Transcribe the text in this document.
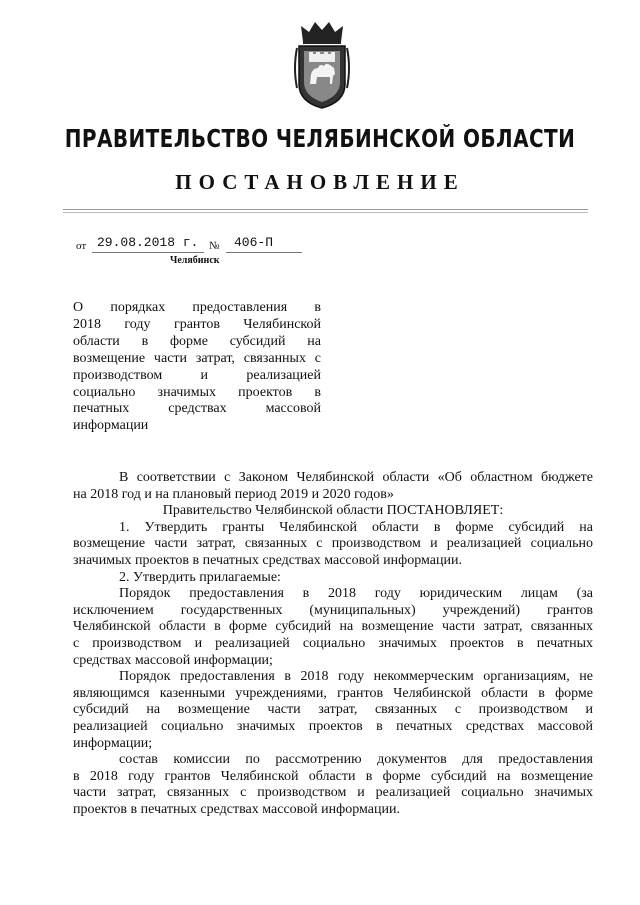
ПРАВИТЕЛЬСТВО ЧЕЛЯБИНСКОЙ ОБЛАСТИ
ПОСТАНОВЛЕНИЕ
от 29.08.2018 г. № 406-П
Челябинск
О порядках предоставления в
2018 году грантов Челябинской
области в форме субсидий на
возмещение части затрат, связанных с
производством и реализацией
социально значимых проектов в
печатных средствах массовой
информации
В соответствии с Законом Челябинской области «Об областном бюджете
на 2018 год и на плановый период 2019 и 2020 годов»
Правительство Челябинской области ПОСТАНОВЛЯЕТ:
1. Утвердить гранты Челябинской области в форме субсидий на
возмещение части затрат, связанных с производством и реализацией социально
значимых проектов в печатных средствах массовой информации.
2. Утвердить прилагаемые:
Порядок предоставления в 2018 году юридическим лицам (за
исключением государственных (муниципальных) учреждений) грантов
Челябинской области в форме субсидий на возмещение части затрат, связанных
с производством и реализацией социально значимых проектов в печатных
средствах массовой информации;
Порядок предоставления в 2018 году некоммерческим организациям, не
являющимся казенными учреждениями, грантов Челябинской области в форме
субсидий на возмещение части затрат, связанных с производством и
реализацией социально значимых проектов в печатных средствах массовой
информации;
состав комиссии по рассмотрению документов для предоставления
в 2018 году грантов Челябинской области в форме субсидий на возмещение
части затрат, связанных с производством и реализацией социально значимых
проектов в печатных средствах массовой информации.
